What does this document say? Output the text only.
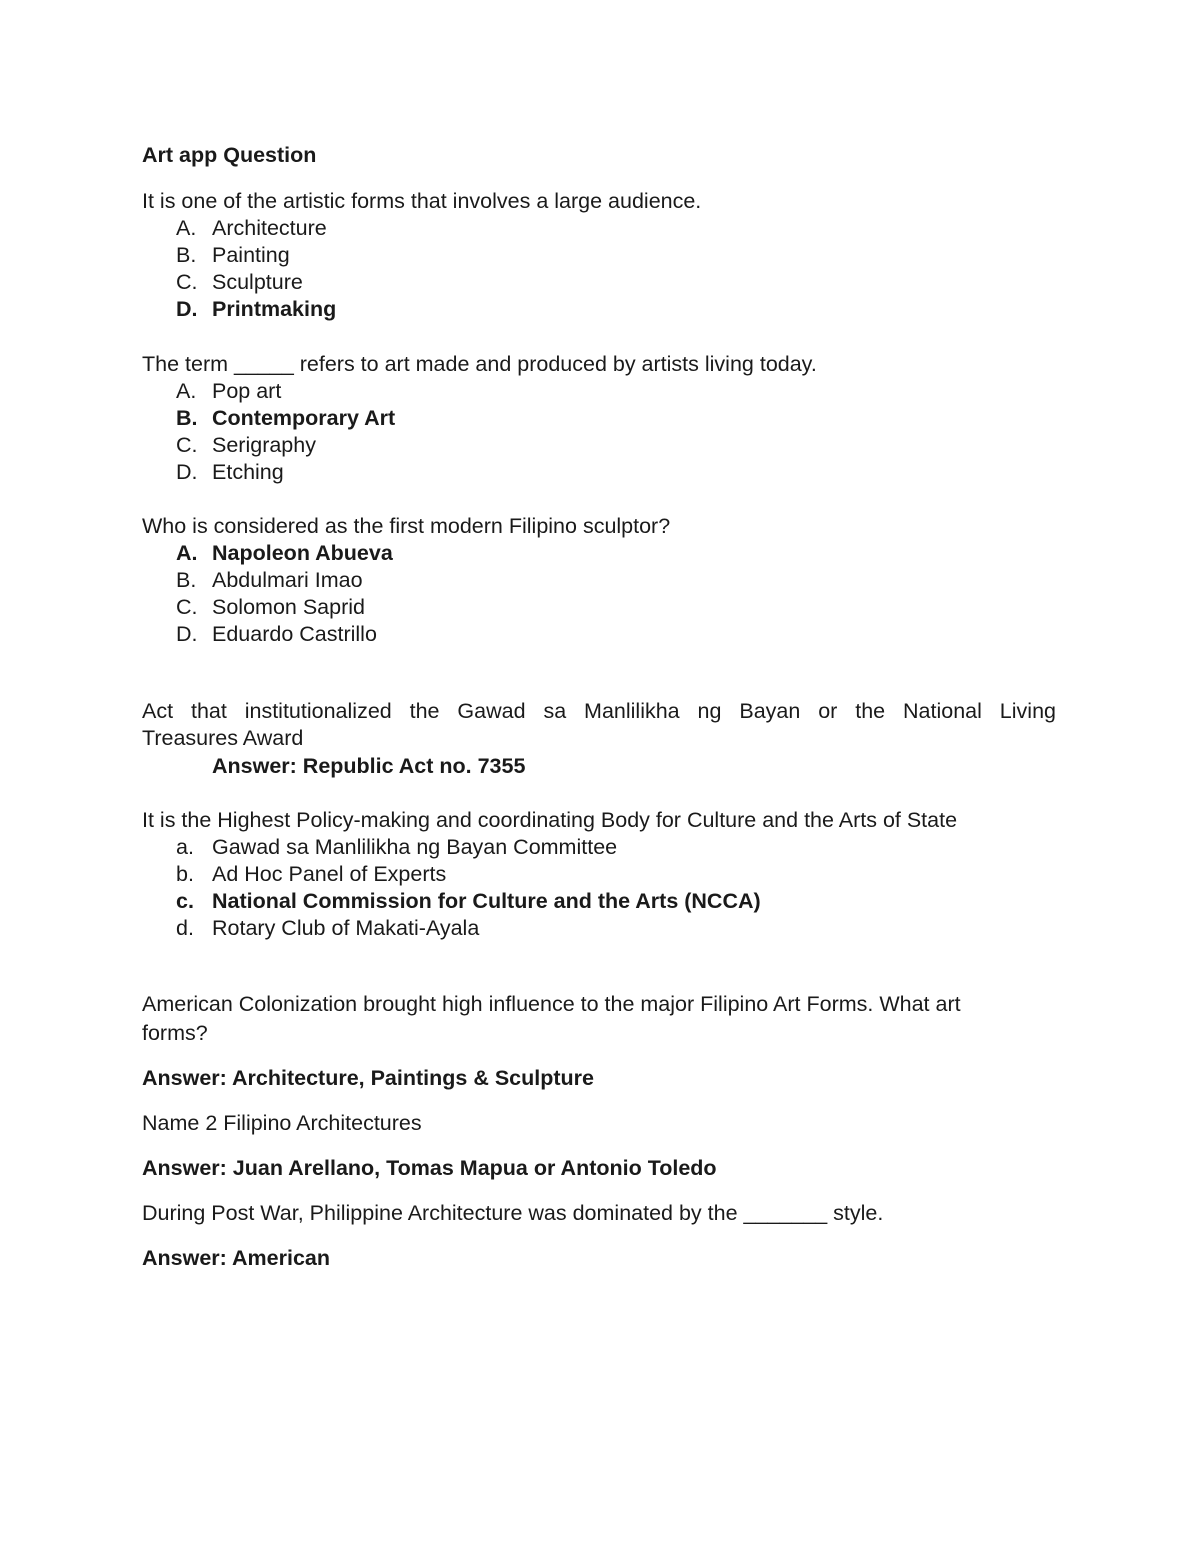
Art app Question
It is one of the artistic forms that involves a large audience.
A. Architecture
B. Painting
C. Sculpture
D. Printmaking
The term _____ refers to art made and produced by artists living today.
A. Pop art
B. Contemporary Art
C. Serigraphy
D. Etching
Who is considered as the first modern Filipino sculptor?
A. Napoleon Abueva
B. Abdulmari Imao
C. Solomon Saprid
D. Eduardo Castrillo
Act that institutionalized the Gawad sa Manlilikha ng Bayan or the National Living
Treasures Award
Answer: Republic Act no. 7355
It is the Highest Policy-making and coordinating Body for Culture and the Arts of State
a. Gawad sa Manlilikha ng Bayan Committee
b. Ad Hoc Panel of Experts
c. National Commission for Culture and the Arts (NCCA)
d. Rotary Club of Makati-Ayala
American Colonization brought high influence to the major Filipino Art Forms. What art
forms?
Answer: Architecture, Paintings & Sculpture
Name 2 Filipino Architectures
Answer: Juan Arellano, Tomas Mapua or Antonio Toledo
During Post War, Philippine Architecture was dominated by the _______ style.
Answer: American
